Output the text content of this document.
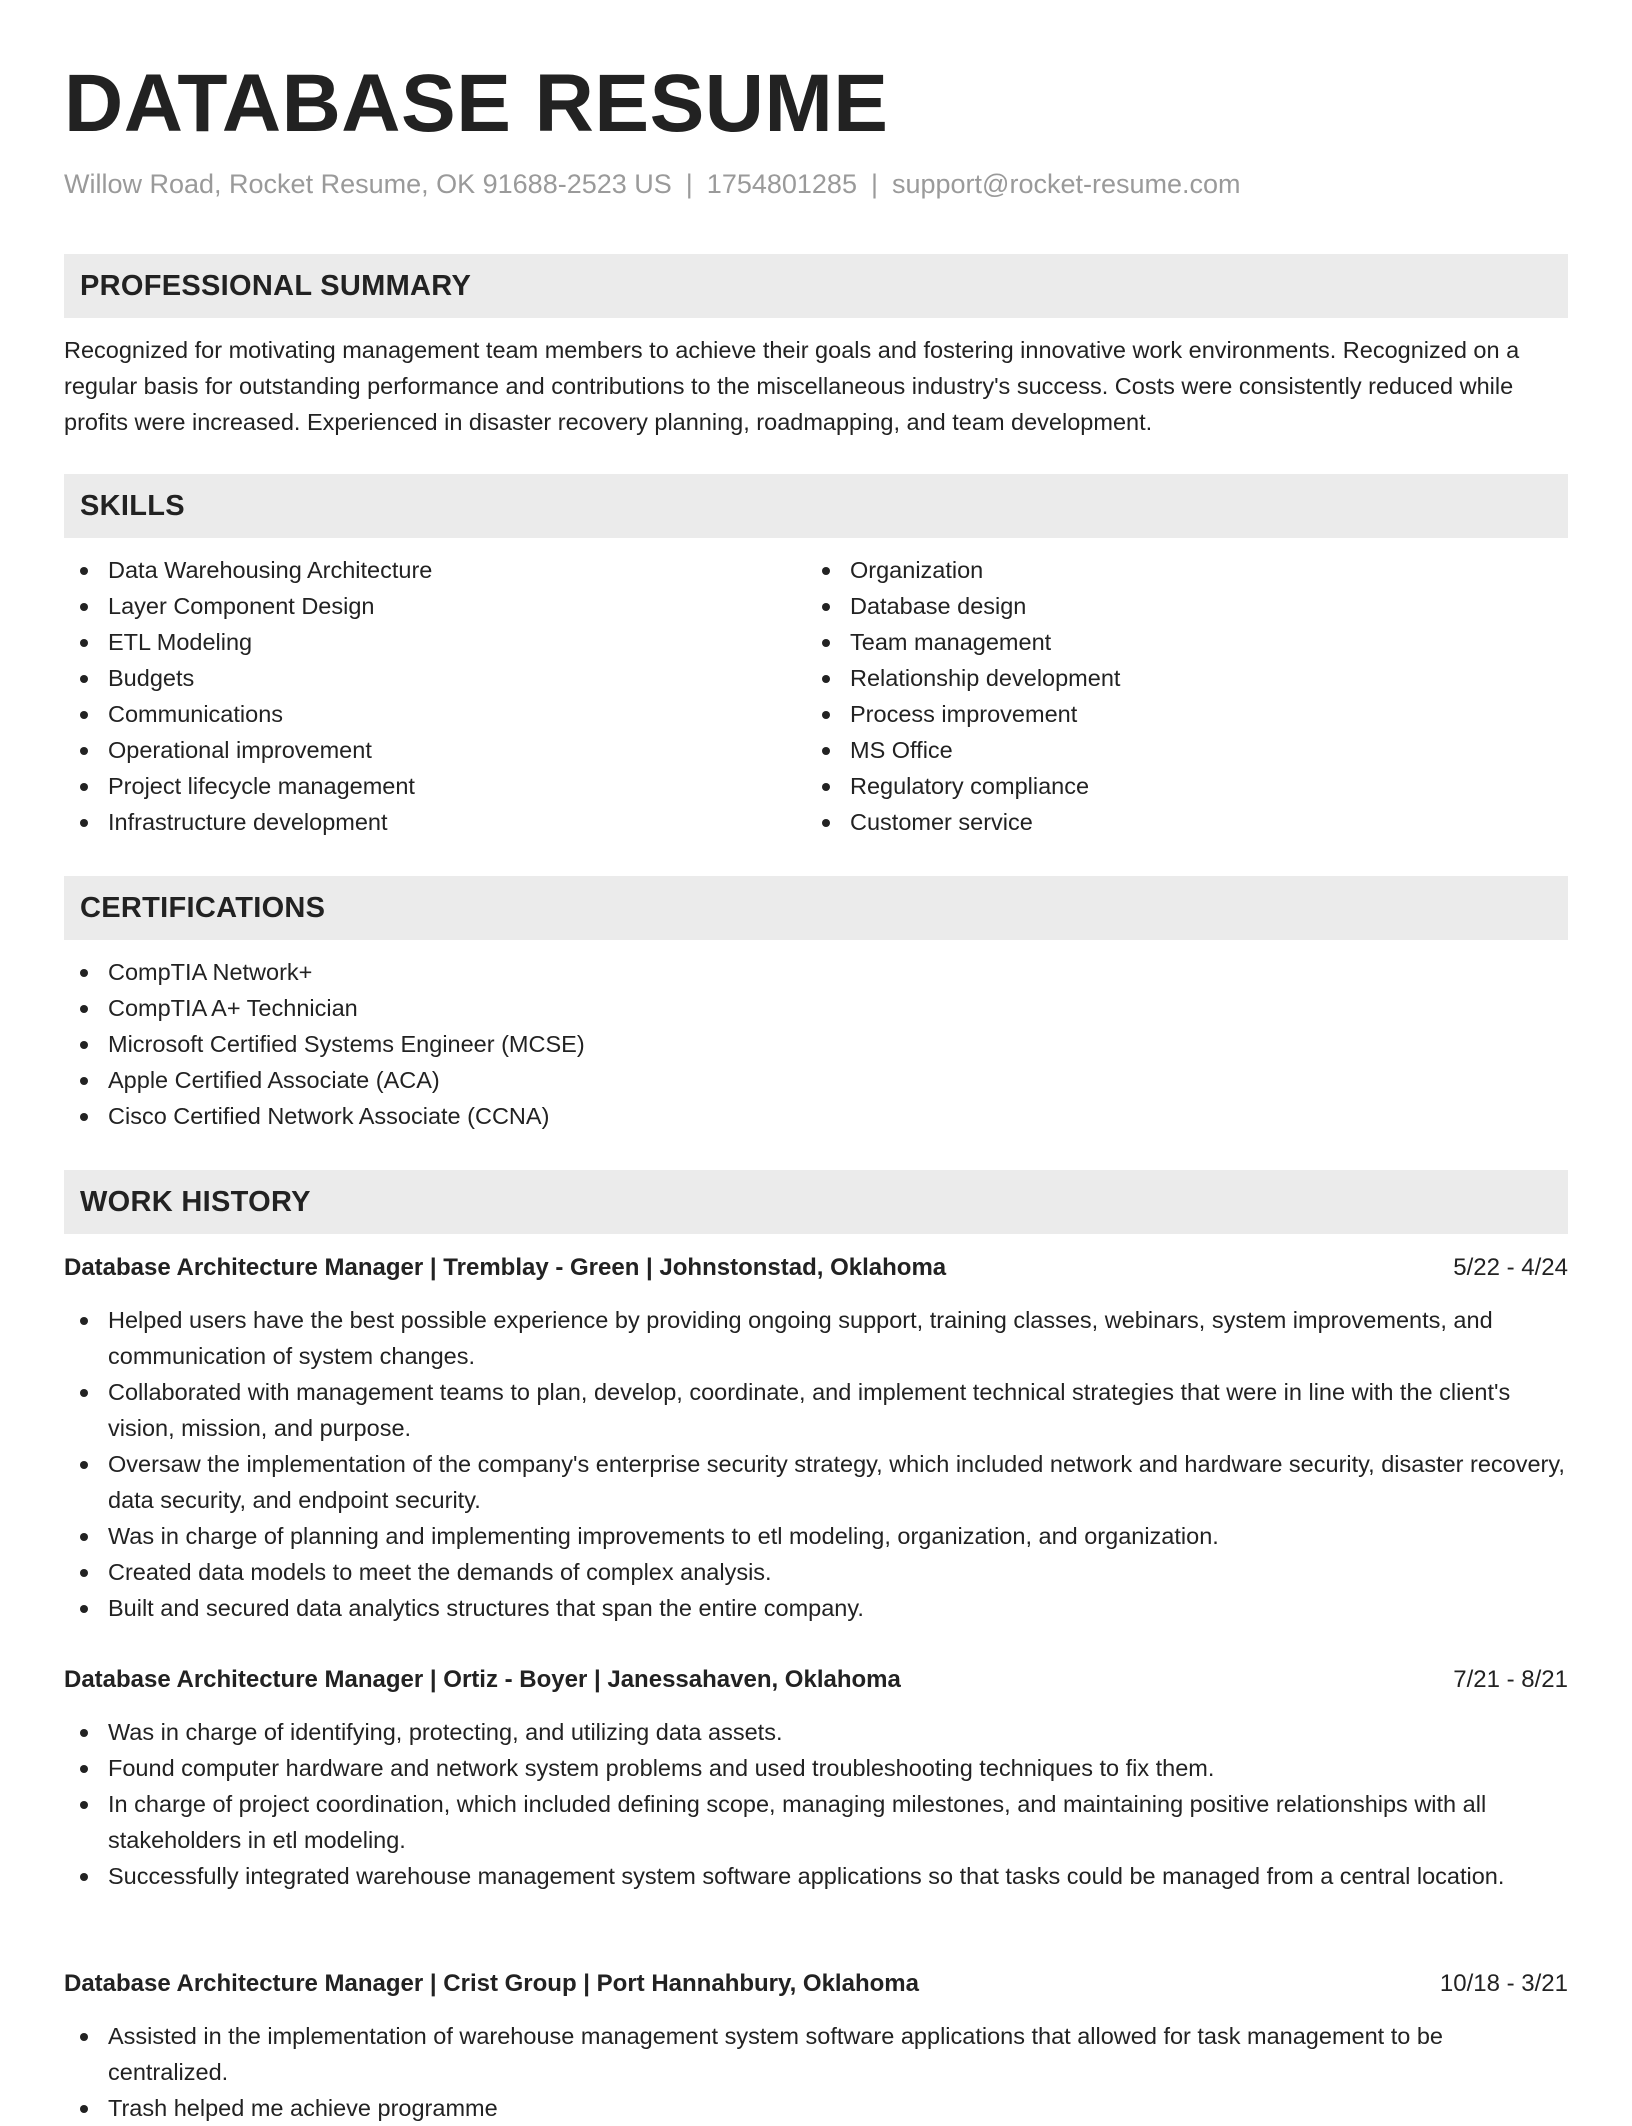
DATABASE RESUME
Willow Road, Rocket Resume, OK 91688-2523 US | 1754801285 | support@rocket-resume.com
PROFESSIONAL SUMMARY

Recognized for motivating management team members to achieve their goals and fostering innovative work environments. Recognized on a regular basis for outstanding performance and contributions to the miscellaneous industry's success. Costs were consistently reduced while profits were increased. Experienced in disaster recovery planning, roadmapping, and team development.

SKILLS
Data Warehousing Architecture
Layer Component Design
ETL Modeling
Budgets
Communications
Operational improvement
Project lifecycle management
Infrastructure development
Organization
Database design
Team management
Relationship development
Process improvement
MS Office
Regulatory compliance
Customer service
CERTIFICATIONS
CompTIA Network+
CompTIA A+ Technician
Microsoft Certified Systems Engineer (MCSE)
Apple Certified Associate (ACA)
Cisco Certified Network Associate (CCNA)
WORK HISTORY
Database Architecture Manager | Tremblay - Green | Johnstonstad, Oklahoma	5/22 - 4/24
Helped users have the best possible experience by providing ongoing support, training classes, webinars, system improvements, and communication of system changes.
Collaborated with management teams to plan, develop, coordinate, and implement technical strategies that were in line with the client's vision, mission, and purpose.
Oversaw the implementation of the company's enterprise security strategy, which included network and hardware security, disaster recovery, data security, and endpoint security.
Was in charge of planning and implementing improvements to etl modeling, organization, and organization.
Created data models to meet the demands of complex analysis.
Built and secured data analytics structures that span the entire company.
Database Architecture Manager | Ortiz - Boyer | Janessahaven, Oklahoma	7/21 - 8/21
Was in charge of identifying, protecting, and utilizing data assets.
Found computer hardware and network system problems and used troubleshooting techniques to fix them.
In charge of project coordination, which included defining scope, managing milestones, and maintaining positive relationships with all stakeholders in etl modeling.
Successfully integrated warehouse management system software applications so that tasks could be managed from a central location.
Database Architecture Manager | Crist Group | Port Hannahbury, Oklahoma	10/18 - 3/21
Assisted in the implementation of warehouse management system software applications that allowed for task management to be centralized.
Trash helped me achieve programme
